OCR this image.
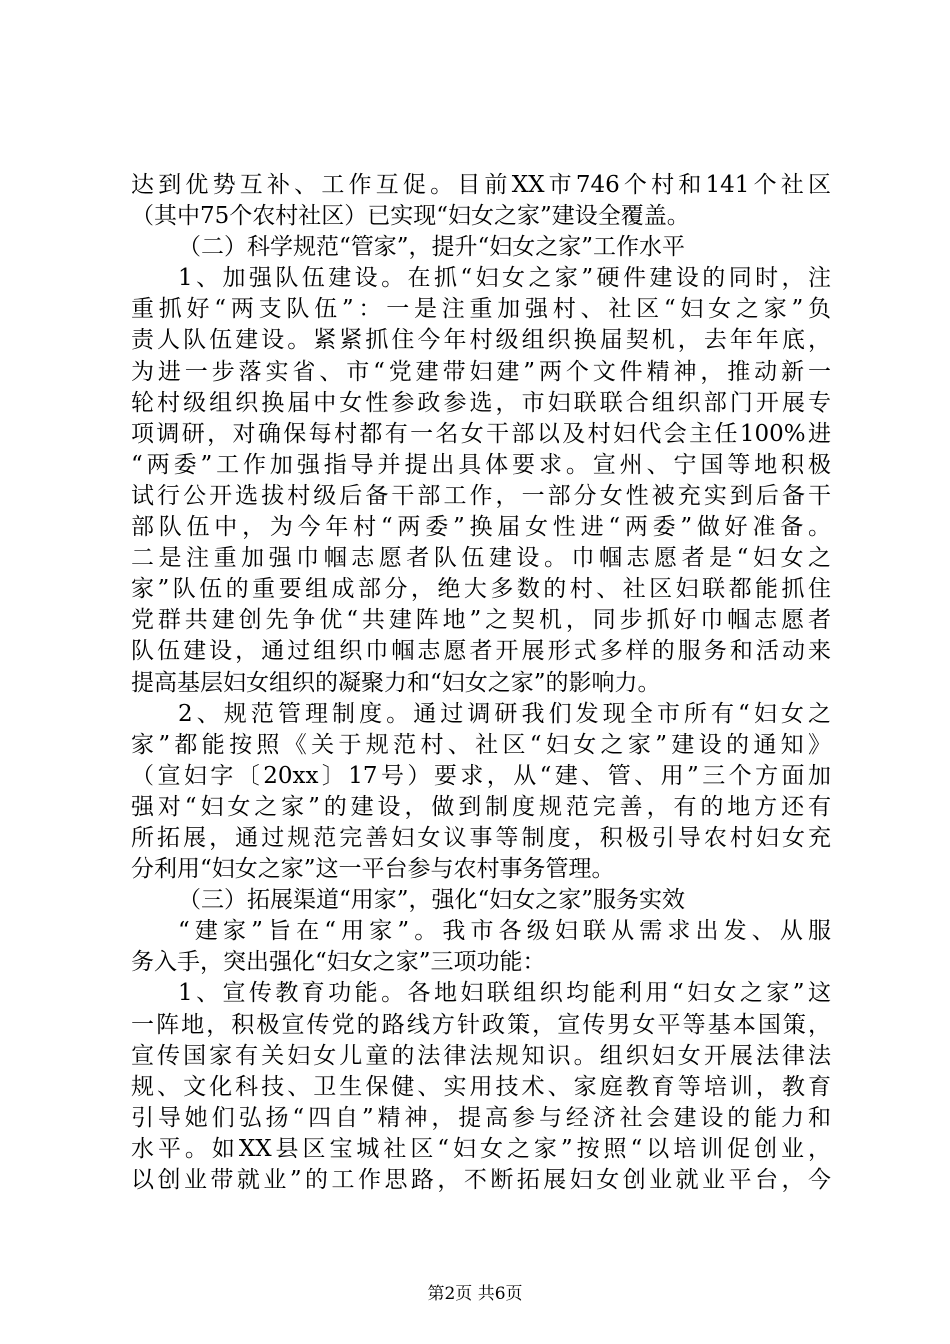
达到优势互补、工作互促。目前XX市746个村和141个社区
（其中75个农村社区）已实现“妇女之家”建设全覆盖。
（二）科学规范“管家”，提升“妇女之家”工作水平
1、加强队伍建设。在抓“妇女之家”硬件建设的同时，注
重抓好“两支队伍”：一是注重加强村、社区“妇女之家”负
责人队伍建设。紧紧抓住今年村级组织换届契机，去年年底，
为进一步落实省、市“党建带妇建”两个文件精神，推动新一
轮村级组织换届中女性参政参选，市妇联联合组织部门开展专
项调研，对确保每村都有一名女干部以及村妇代会主任100%进
“两委”工作加强指导并提出具体要求。宣州、宁国等地积极
试行公开选拔村级后备干部工作，一部分女性被充实到后备干
部队伍中，为今年村“两委”换届女性进“两委”做好准备。
二是注重加强巾帼志愿者队伍建设。巾帼志愿者是“妇女之
家”队伍的重要组成部分，绝大多数的村、社区妇联都能抓住
党群共建创先争优“共建阵地”之契机，同步抓好巾帼志愿者
队伍建设，通过组织巾帼志愿者开展形式多样的服务和活动来
提高基层妇女组织的凝聚力和“妇女之家”的影响力。
2、规范管理制度。通过调研我们发现全市所有“妇女之
家”都能按照《关于规范村、社区“妇女之家”建设的通知》
（宣妇字〔20xx〕17号）要求，从“建、管、用”三个方面加
强对“妇女之家”的建设，做到制度规范完善，有的地方还有
所拓展，通过规范完善妇女议事等制度，积极引导农村妇女充
分利用“妇女之家”这一平台参与农村事务管理。
（三）拓展渠道“用家”，强化“妇女之家”服务实效
“建家”旨在“用家”。我市各级妇联从需求出发、从服
务入手，突出强化“妇女之家”三项功能：
1、宣传教育功能。各地妇联组织均能利用“妇女之家”这
一阵地，积极宣传党的路线方针政策，宣传男女平等基本国策，
宣传国家有关妇女儿童的法律法规知识。组织妇女开展法律法
规、文化科技、卫生保健、实用技术、家庭教育等培训，教育
引导她们弘扬“四自”精神，提高参与经济社会建设的能力和
水平。如XX县区宝城社区“妇女之家”按照“以培训促创业，
以创业带就业”的工作思路，不断拓展妇女创业就业平台，今
第2页 共6页
